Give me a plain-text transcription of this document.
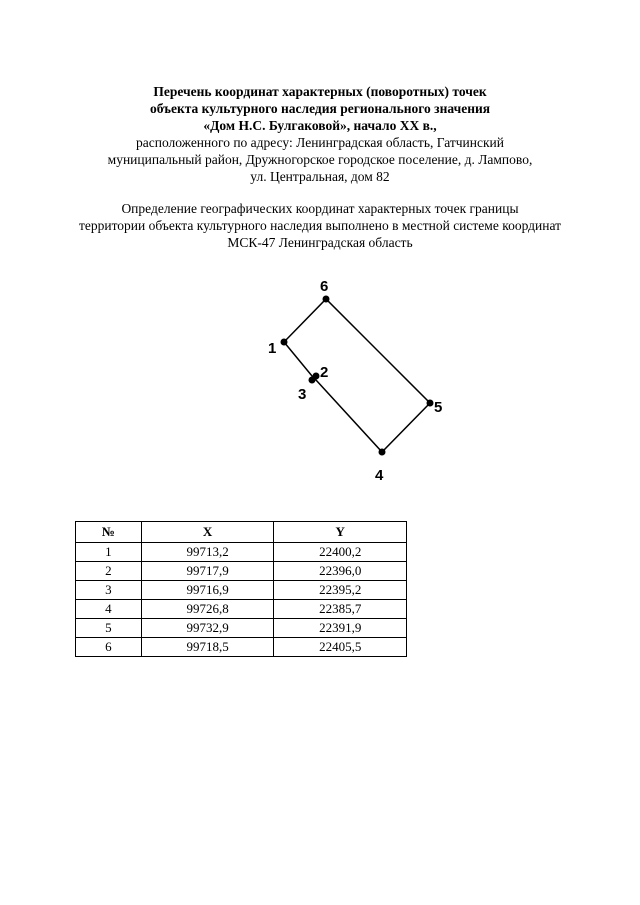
Перечень координат характерных (поворотных) точек
объекта культурного наследия регионального значения
«Дом Н.С. Булгаковой», начало XX в.,
расположенного по адресу: Ленинградская область, Гатчинский
муниципальный район, Дружногорское городское поселение, д. Лампово,
ул. Центральная, дом 82
Определение географических координат характерных точек границы
территории объекта культурного наследия выполнено в местной системе координат
МСК-47 Ленинградская область
1
2
3
4
5
6
№	X	Y
1	99713,2	22400,2
2	99717,9	22396,0
3	99716,9	22395,2
4	99726,8	22385,7
5	99732,9	22391,9
6	99718,5	22405,5
